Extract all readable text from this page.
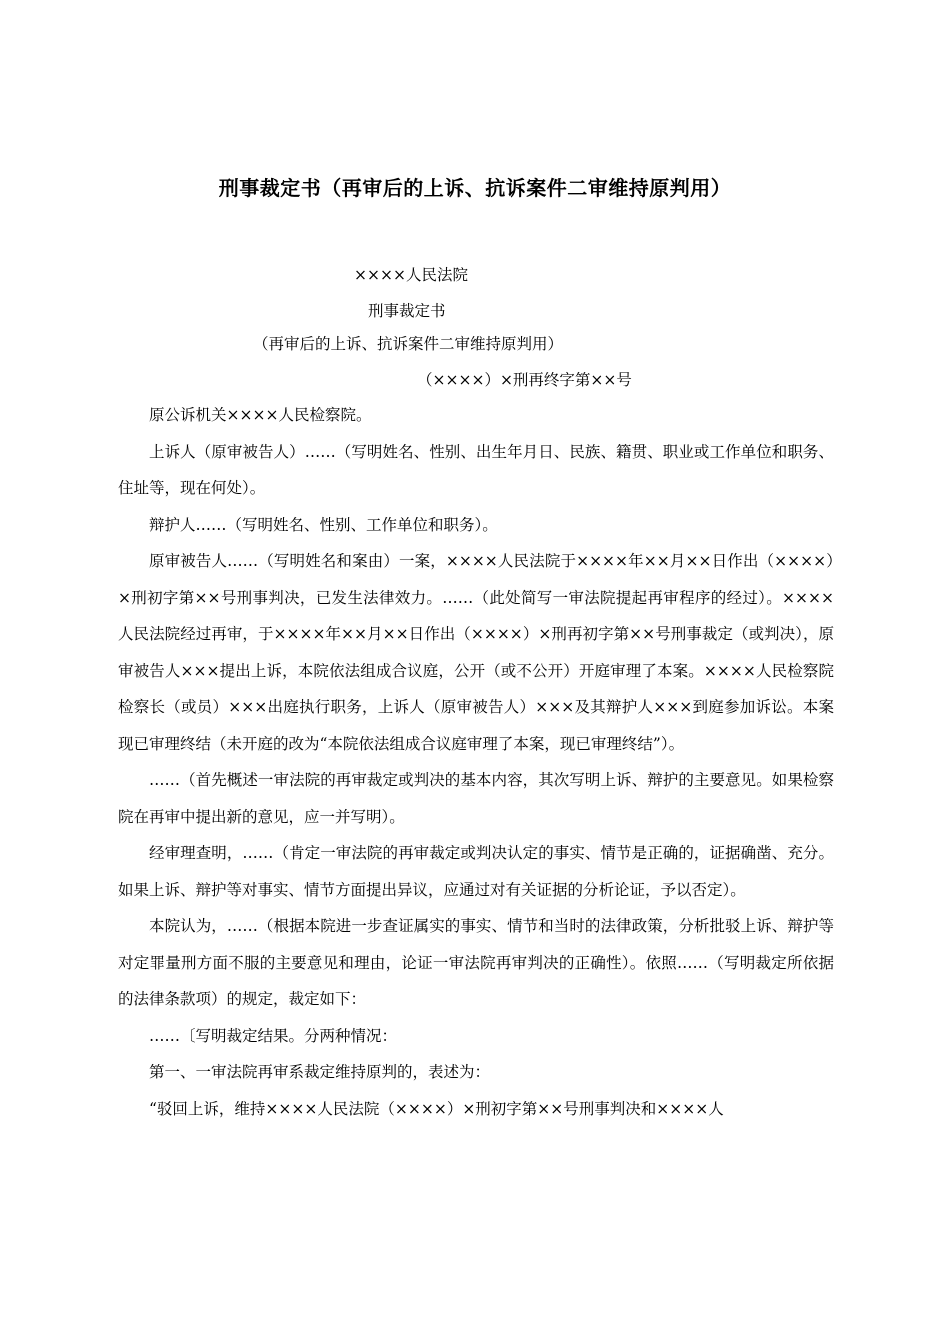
刑事裁定书（再审后的上诉、抗诉案件二审维持原判用）
××××人民法院
刑事裁定书
（再审后的上诉、抗诉案件二审维持原判用）
（××××）×刑再终字第××号

原公诉机关××××人民检察院。

上诉人（原审被告人）……（写明姓名、性别、出生年月日、民族、籍贯、职业或工作单位和职务、住址等，现在何处）。

辩护人……（写明姓名、性别、工作单位和职务）。

原审被告人……（写明姓名和案由）一案，××××人民法院于××××年××月××日作出（××××）×刑初字第××号刑事判决，已发生法律效力。……（此处简写一审法院提起再审程序的经过）。××××人民法院经过再审，于××××年××月××日作出（××××）×刑再初字第××号刑事裁定（或判决），原审被告人×××提出上诉，本院依法组成合议庭，公开（或不公开）开庭审理了本案。××××人民检察院检察长（或员）×××出庭执行职务，上诉人（原审被告人）×××及其辩护人×××到庭参加诉讼。本案现已审理终结（未开庭的改为“本院依法组成合议庭审理了本案，现已审理终结”）。

……（首先概述一审法院的再审裁定或判决的基本内容，其次写明上诉、辩护的主要意见。如果检察院在再审中提出新的意见，应一并写明）。

经审理查明，……（肯定一审法院的再审裁定或判决认定的事实、情节是正确的，证据确凿、充分。如果上诉、辩护等对事实、情节方面提出异议，应通过对有关证据的分析论证，予以否定）。

本院认为，……（根据本院进一步查证属实的事实、情节和当时的法律政策，分析批驳上诉、辩护等对定罪量刑方面不服的主要意见和理由，论证一审法院再审判决的正确性）。依照……（写明裁定所依据的法律条款项）的规定，裁定如下：

……〔写明裁定结果。分两种情况：

第一、一审法院再审系裁定维持原判的，表述为：

“驳回上诉，维持××××人民法院（××××）×刑初字第××号刑事判决和××××人
